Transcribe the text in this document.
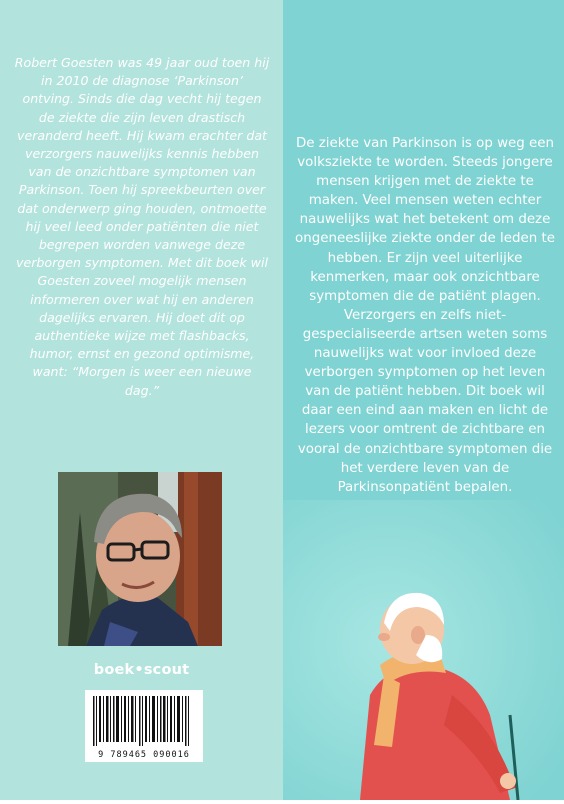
Robert Goesten was 49 jaar oud toen hij in 2010 de diagnose ‘Parkinson’ ontving. Sinds die dag vecht hij tegen de ziekte die zijn leven drastisch veranderd heeft. Hij kwam erachter dat verzorgers nauwelijks kennis hebben van de onzichtbare symptomen van Parkinson. Toen hij spreekbeurten over dat onderwerp ging houden, ontmoette hij veel leed onder patiënten die niet begrepen worden vanwege deze verborgen symptomen. Met dit boek wil Goesten zoveel mogelijk mensen informeren over wat hij en anderen dagelijks ervaren. Hij doet dit op authentieke wijze met flashbacks, humor, ernst en gezond optimisme, want: “Morgen is weer een nieuwe dag.”

boek•scout
9 789465 090016

De ziekte van Parkinson is op weg een volksziekte te worden. Steeds jongere mensen krijgen met de ziekte te maken. Veel mensen weten echter nauwelijks wat het betekent om deze ongeneeslijke ziekte onder de leden te hebben. Er zijn veel uiterlijke kenmerken, maar ook onzichtbare symptomen die de patiënt plagen. Verzorgers en zelfs niet-gespecialiseerde artsen weten soms nauwelijks wat voor invloed deze verborgen symptomen op het leven van de patiënt hebben. Dit boek wil daar een eind aan maken en licht de lezers voor omtrent de zichtbare en vooral de onzichtbare symptomen die het verdere leven van de Parkinsonpatiënt bepalen.
